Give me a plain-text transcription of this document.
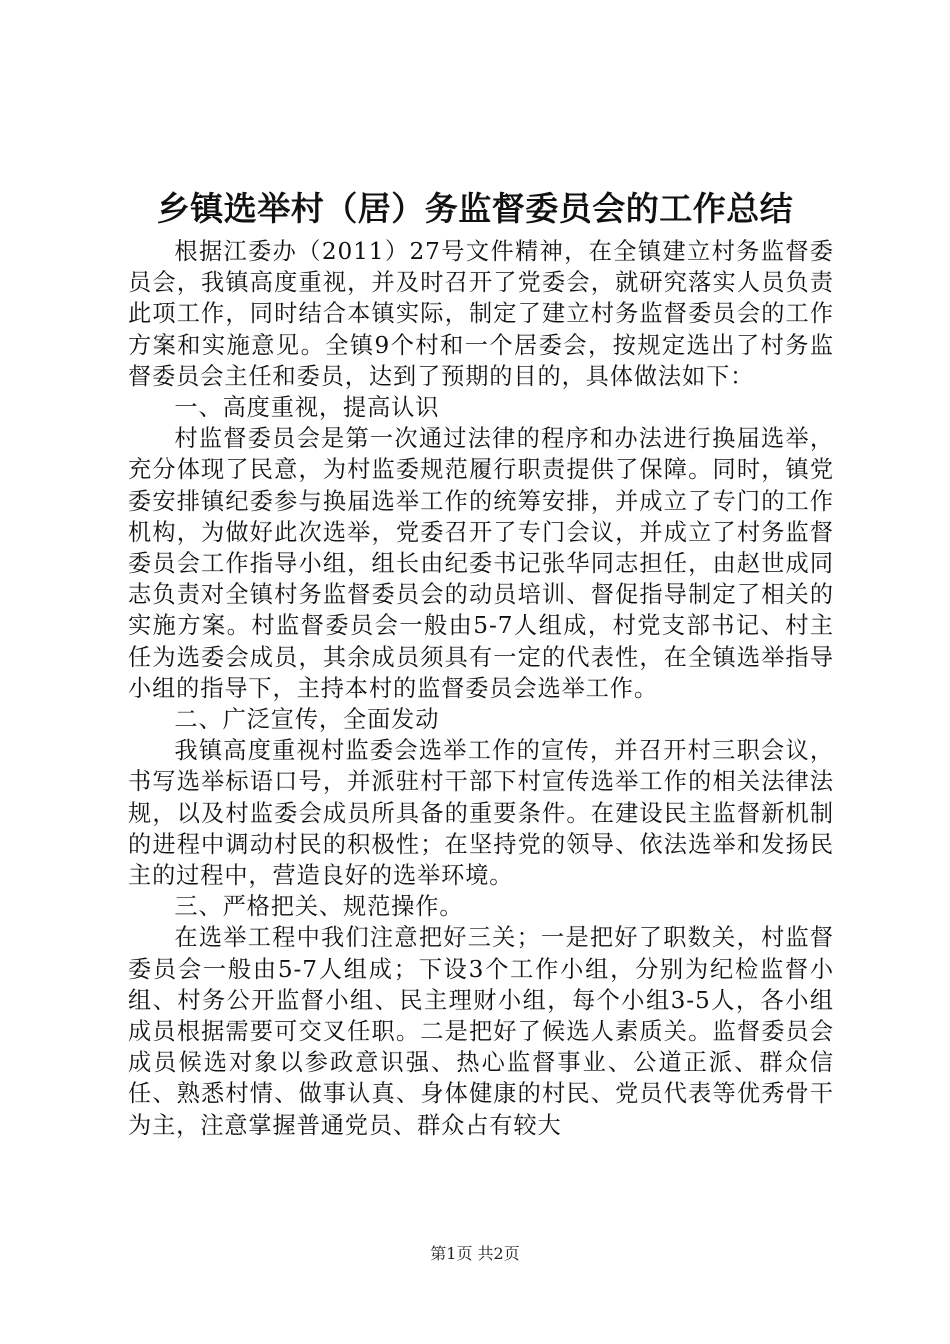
乡镇选举村（居）务监督委员会的工作总结

根据江委办（2011）27号文件精神，在全镇建立村务监督委员会，我镇高度重视，并及时召开了党委会，就研究落实人员负责此项工作，同时结合本镇实际，制定了建立村务监督委员会的工作方案和实施意见。全镇9个村和一个居委会，按规定选出了村务监督委员会主任和委员，达到了预期的目的，具体做法如下：

一、高度重视，提高认识

村监督委员会是第一次通过法律的程序和办法进行换届选举，充分体现了民意，为村监委规范履行职责提供了保障。同时，镇党委安排镇纪委参与换届选举工作的统筹安排，并成立了专门的工作机构，为做好此次选举，党委召开了专门会议，并成立了村务监督委员会工作指导小组，组长由纪委书记张华同志担任，由赵世成同志负责对全镇村务监督委员会的动员培训、督促指导制定了相关的实施方案。村监督委员会一般由5-7人组成，村党支部书记、村主任为选委会成员，其余成员须具有一定的代表性，在全镇选举指导小组的指导下，主持本村的监督委员会选举工作。

二、广泛宣传，全面发动

我镇高度重视村监委会选举工作的宣传，并召开村三职会议，书写选举标语口号，并派驻村干部下村宣传选举工作的相关法律法规，以及村监委会成员所具备的重要条件。在建设民主监督新机制的进程中调动村民的积极性；在坚持党的领导、依法选举和发扬民主的过程中，营造良好的选举环境。

三、严格把关、规范操作。

在选举工程中我们注意把好三关；一是把好了职数关，村监督委员会一般由5-7人组成；下设3个工作小组，分别为纪检监督小组、村务公开监督小组、民主理财小组，每个小组3-5人，各小组成员根据需要可交叉任职。二是把好了候选人素质关。监督委员会成员候选对象以参政意识强、热心监督事业、公道正派、群众信任、熟悉村情、做事认真、身体健康的村民、党员代表等优秀骨干为主，注意掌握普通党员、群众占有较大

第1页 共2页
